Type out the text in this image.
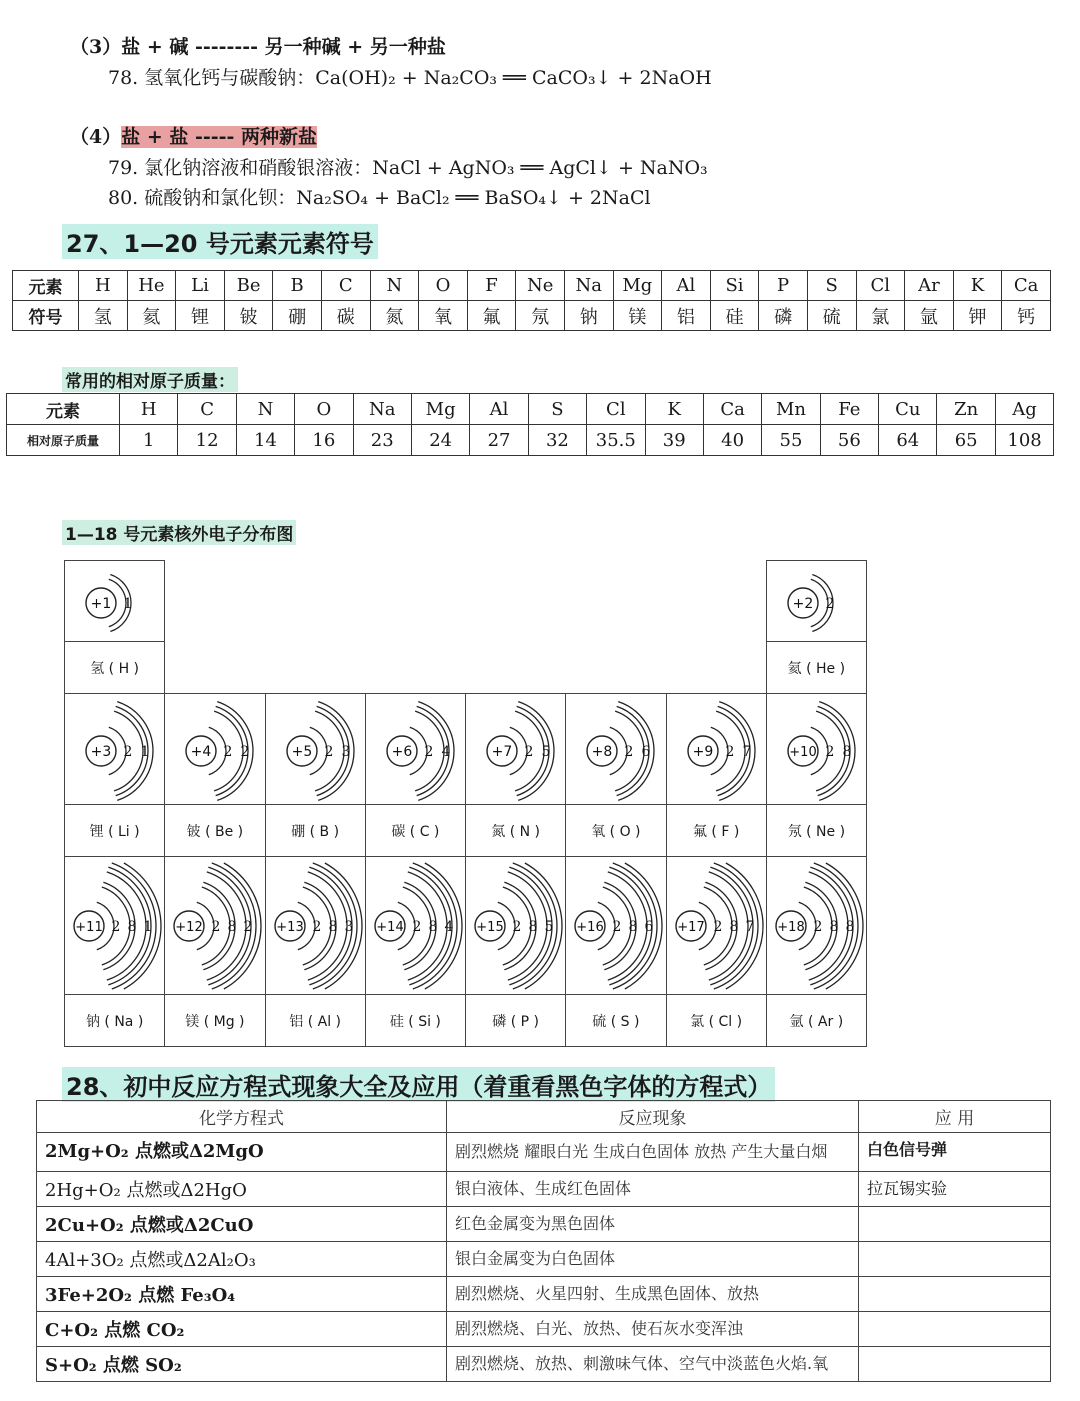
（3）盐 + 碱 -------- 另一种碱 + 另一种盐
78. 氢氧化钙与碳酸钠：Ca(OH)₂ + Na₂CO₃ ══ CaCO₃↓ + 2NaOH
（4）盐 + 盐 ----- 两种新盐
79. 氯化钠溶液和硝酸银溶液：NaCl + AgNO₃ ══ AgCl↓ + NaNO₃
80. 硫酸钠和氯化钡：Na₂SO₄ + BaCl₂ ══ BaSO₄↓ + 2NaCl
27、1—20 号元素元素符号
元素	H	He	Li	Be	B	C	N	O	F	Ne	Na	Mg	Al	Si	P	S	Cl	Ar	K	Ca
符号	氢	氦	锂	铍	硼	碳	氮	氧	氟	氖	钠	镁	铝	硅	磷	硫	氯	氩	钾	钙
常用的相对原子质量：
元素	H	C	N	O	Na	Mg	Al	S	Cl	K	Ca	Mn	Fe	Cu	Zn	Ag
相对原子质量	1	12	14	16	23	24	27	32	35.5	39	40	55	56	64	65	108
1—18 号元素核外电子分布图
+1 1
氢 ( H )
+2 2
氦 ( He )
+3 2 1
锂 ( Li )
+4 2 2
铍 ( Be )
+5 2 3
硼 ( B )
+6 2 4
碳 ( C )
+7 2 5
氮 ( N )
+8 2 6
氧 ( O )
+9 2 7
氟 ( F )
+10 2 8
氖 ( Ne )
+11 2 8 1
钠 ( Na )
+12 2 8 2
镁 ( Mg )
+13 2 8 3
铝 ( Al )
+14 2 8 4
硅 ( Si )
+15 2 8 5
磷 ( P )
+16 2 8 6
硫 ( S )
+17 2 8 7
氯 ( Cl )
+18 2 8 8
氩 ( Ar )
28、初中反应方程式现象大全及应用（着重看黑色字体的方程式）
化学方程式	反应现象	应 用
2Mg+O₂ 点燃或Δ2MgO	剧烈燃烧 耀眼白光 生成白色固体 放热 产生大量白烟	白色信号弹
2Hg+O₂ 点燃或Δ2HgO	银白液体、生成红色固体	拉瓦锡实验
2Cu+O₂ 点燃或Δ2CuO	红色金属变为黑色固体	
4Al+3O₂ 点燃或Δ2Al₂O₃	银白金属变为白色固体	
3Fe+2O₂ 点燃 Fe₃O₄	剧烈燃烧、火星四射、生成黑色固体、放热	
C+O₂ 点燃 CO₂	剧烈燃烧、白光、放热、使石灰水变浑浊	
S+O₂ 点燃 SO₂	剧烈燃烧、放热、刺激味气体、空气中淡蓝色火焰.氧	
